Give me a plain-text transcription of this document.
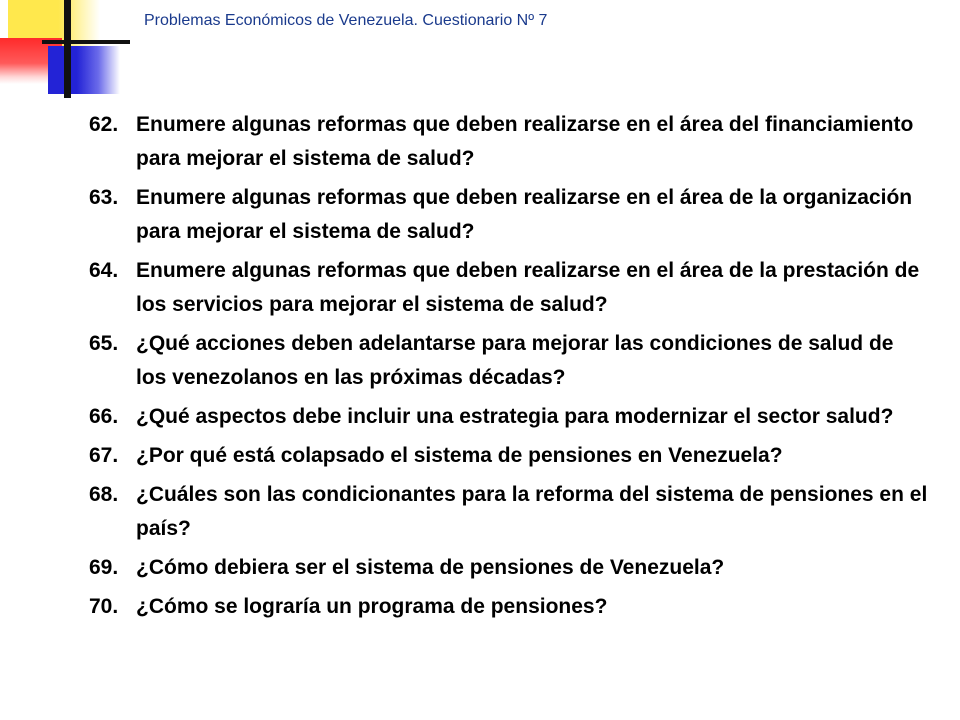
Problemas Económicos de Venezuela. Cuestionario Nº 7
62. Enumere algunas reformas que deben realizarse en el área del financiamiento para mejorar el sistema de salud?
63. Enumere algunas reformas que deben realizarse en el área de la organización para mejorar el sistema de salud?
64. Enumere algunas reformas que deben realizarse en el área de la prestación de los servicios para mejorar el sistema de salud?
65. ¿Qué acciones deben adelantarse para mejorar las condiciones de salud de los venezolanos en las próximas décadas?
66. ¿Qué aspectos debe incluir una estrategia para modernizar el sector salud?
67. ¿Por qué está colapsado el sistema de pensiones en Venezuela?
68. ¿Cuáles son las condicionantes para la reforma del sistema de pensiones en el país?
69. ¿Cómo debiera ser el sistema de pensiones de Venezuela?
70. ¿Cómo se lograría un programa de pensiones?
